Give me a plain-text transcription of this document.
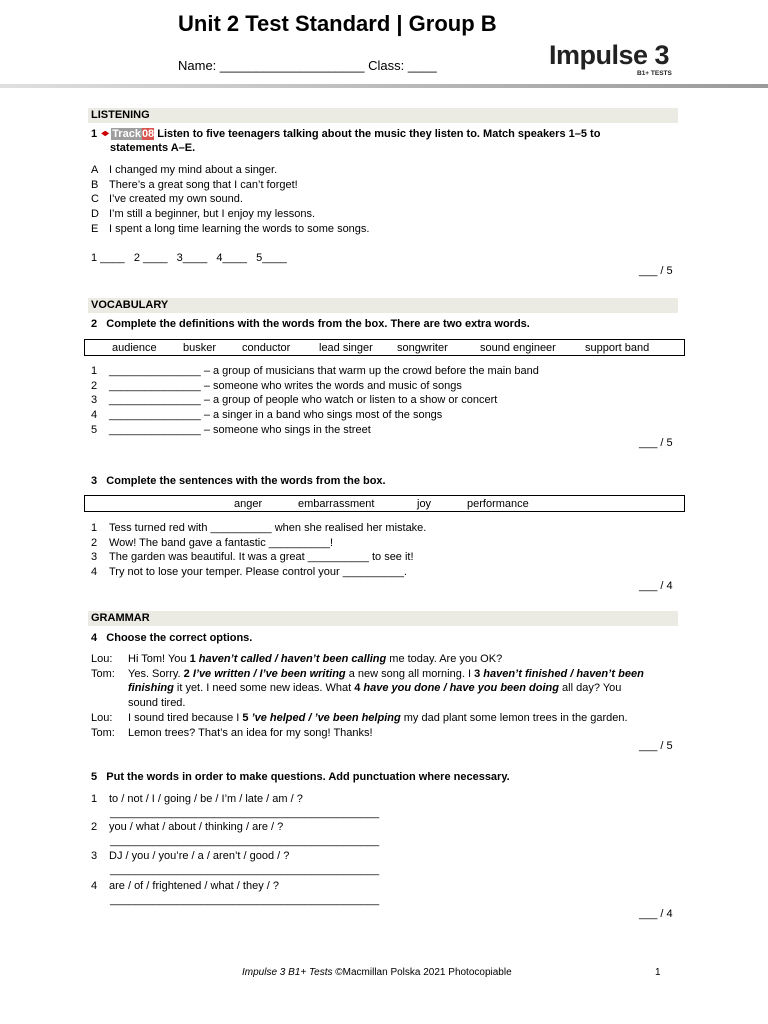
Unit 2 Test Standard | Group B
Name: ____________________ Class: ____	Impulse 3
B1+ TESTS
LISTENING
1 Track08 Listen to five teenagers talking about the music they listen to. Match speakers 1–5 to
statements A–E.
A I changed my mind about a singer.
B There’s a great song that I can’t forget!
C I’ve created my own sound.
D I’m still a beginner, but I enjoy my lessons.
E I spent a long time learning the words to some songs.
1 ____   2 ____   3____   4____   5____
___ / 5
VOCABULARY
2   Complete the definitions with the words from the box. There are two extra words.
audience busker conductor	lead singer songwriter	sound engineer	support band
1 _______________ – a group of musicians that warm up the crowd before the main band
2 _______________ – someone who writes the words and music of songs
3 _______________ – a group of people who watch or listen to a show or concert
4 _______________ – a singer in a band who sings most of the songs
5 _______________ – someone who sings in the street
___ / 5
3   Complete the sentences with the words from the box.
anger	embarrassment	joy	performance
1 Tess turned red with __________ when she realised her mistake.
2 Wow! The band gave a fantastic __________!
3 The garden was beautiful. It was a great __________ to see it!
4 Try not to lose your temper. Please control your __________.
___ / 4
GRAMMAR
4   Choose the correct options.
Lou: Hi Tom! You 1 haven’t called / haven’t been calling me today. Are you OK?
Tom:	Yes. Sorry. 2 I’ve written / I’ve been writing a new song all morning. I 3 haven’t finished / haven’t been
finishing it yet. I need some new ideas. What 4 have you done / have you been doing all day? You
sound tired.
Lou: I sound tired because I 5 ’ve helped / ’ve been helping my dad plant some lemon trees in the garden.
Tom: Lemon trees? That’s an idea for my song! Thanks!
___ / 5
5   Put the words in order to make questions. Add punctuation where necessary.
1 to / not / I / going / be / I’m / late / am / ?
____________________________________________
2 you / what / about / thinking / are / ?
____________________________________________
3 DJ / you / you’re / a / aren’t / good / ?
____________________________________________
4 are / of / frightened / what / they / ?
____________________________________________
___ / 4
Impulse 3 B1+ Tests ©Macmillan Polska 2021 Photocopiable	1
